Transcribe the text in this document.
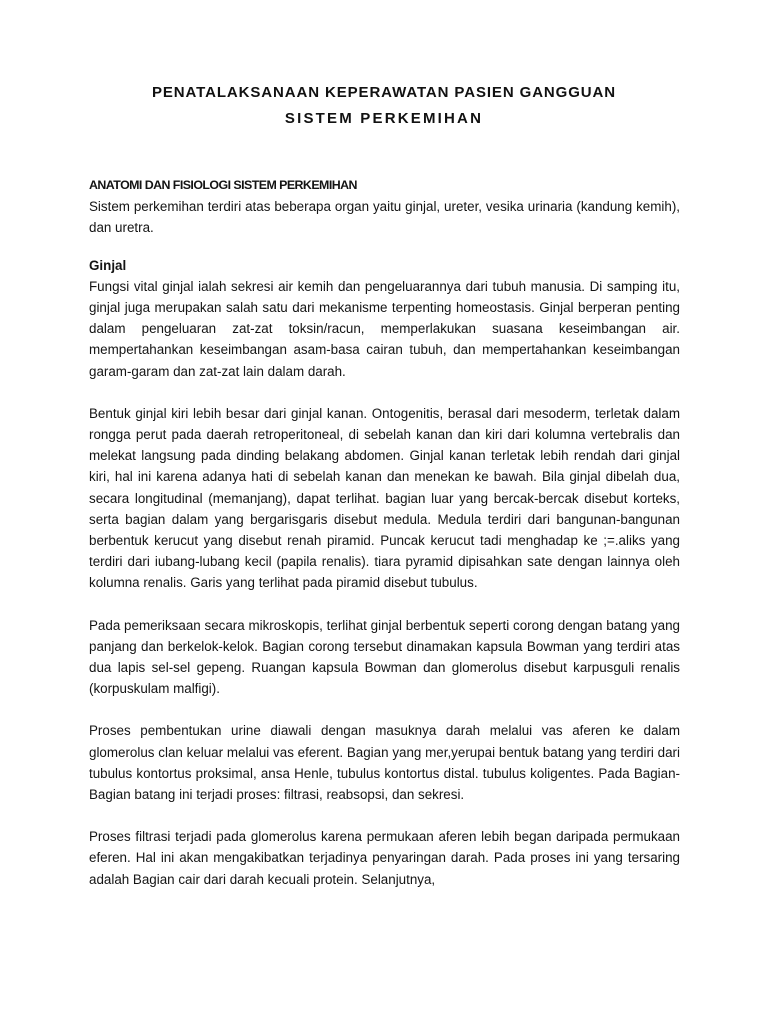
PENATALAKSANAAN KEPERAWATAN PASIEN GANGGUAN
SISTEM PERKEMIHAN

ANATOMI DAN FISIOLOGI SISTEM PERKEMIHAN

Sistem perkemihan terdiri atas beberapa organ yaitu ginjal, ureter, vesika urinaria (kandung kemih), dan uretra.

Ginjal

Fungsi vital ginjal ialah sekresi air kemih dan pengeluarannya dari tubuh manusia. Di samping itu, ginjal juga merupakan salah satu dari mekanisme terpenting homeostasis. Ginjal berperan penting dalam pengeluaran zat-zat toksin/racun, memperlakukan suasana keseimbangan air. mempertahankan keseimbangan asam-basa cairan tubuh, dan mempertahankan keseimbangan garam-garam dan zat-zat lain dalam darah.

Bentuk ginjal kiri lebih besar dari ginjal kanan. Ontogenitis, berasal dari mesoderm, terletak dalam rongga perut pada daerah retroperitoneal, di sebelah kanan dan kiri dari kolumna vertebralis dan melekat langsung pada dinding belakang abdomen. Ginjal kanan terletak lebih rendah dari ginjal kiri, hal ini karena adanya hati di sebelah kanan dan menekan ke bawah. Bila ginjal dibelah dua, secara longitudinal (memanjang), dapat terlihat. bagian luar yang bercak-bercak disebut korteks, serta bagian dalam yang bergarisgaris disebut medula. Medula terdiri dari bangunan-bangunan berbentuk kerucut yang disebut renah piramid. Puncak kerucut tadi menghadap ke ;=.aliks yang terdiri dari iubang-lubang kecil (papila renalis). tiara pyramid dipisahkan sate dengan lainnya oleh kolumna renalis. Garis yang terlihat pada piramid disebut tubulus.

Pada pemeriksaan secara mikroskopis, terlihat ginjal berbentuk seperti corong dengan batang yang panjang dan berkelok-kelok. Bagian corong tersebut dinamakan kapsula Bowman yang terdiri atas dua lapis sel-sel gepeng. Ruangan kapsula Bowman dan glomerolus disebut karpusguli renalis (korpuskulam malfigi).

Proses pembentukan urine diawali dengan masuknya darah melalui vas aferen ke dalam glomerolus clan keluar melalui vas eferent. Bagian yang mer,yerupai bentuk batang yang terdiri dari tubulus kontortus proksimal, ansa Henle, tubulus kontortus distal. tubulus koligentes. Pada Bagian-Bagian batang ini terjadi proses: filtrasi, reabsopsi, dan sekresi.

Proses filtrasi terjadi pada glomerolus karena permukaan aferen lebih began daripada permukaan eferen. Hal ini akan mengakibatkan terjadinya penyaringan darah. Pada proses ini yang tersaring adalah Bagian cair dari darah kecuali protein. Selanjutnya,
